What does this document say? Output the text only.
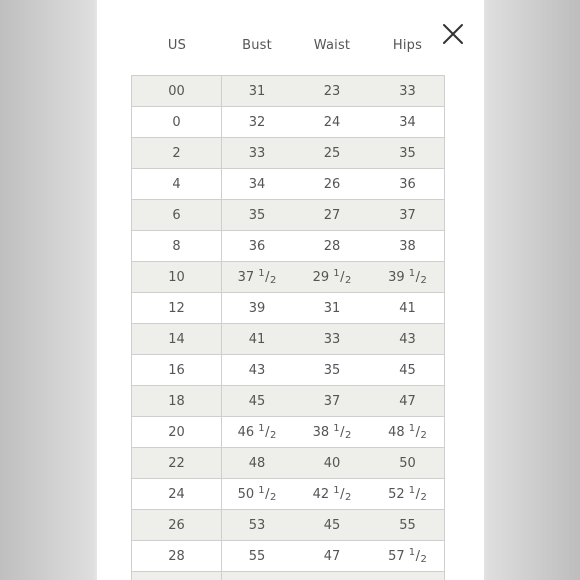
US	Bust	Waist	Hips
00	31	23	33
0	32	24	34
2	33	25	35
4	34	26	36
6	35	27	37
8	36	28	38
10	37 1 / 2	29 1 / 2	39 1 / 2
12	39	31	41
14	41	33	43
16	43	35	45
18	45	37	47
20	46 1 / 2	38 1 / 2	48 1 / 2
22	48	40	50
24	50 1 / 2	42 1 / 2	52 1 / 2
26	53	45	55
28	55	47	57 1 / 2
